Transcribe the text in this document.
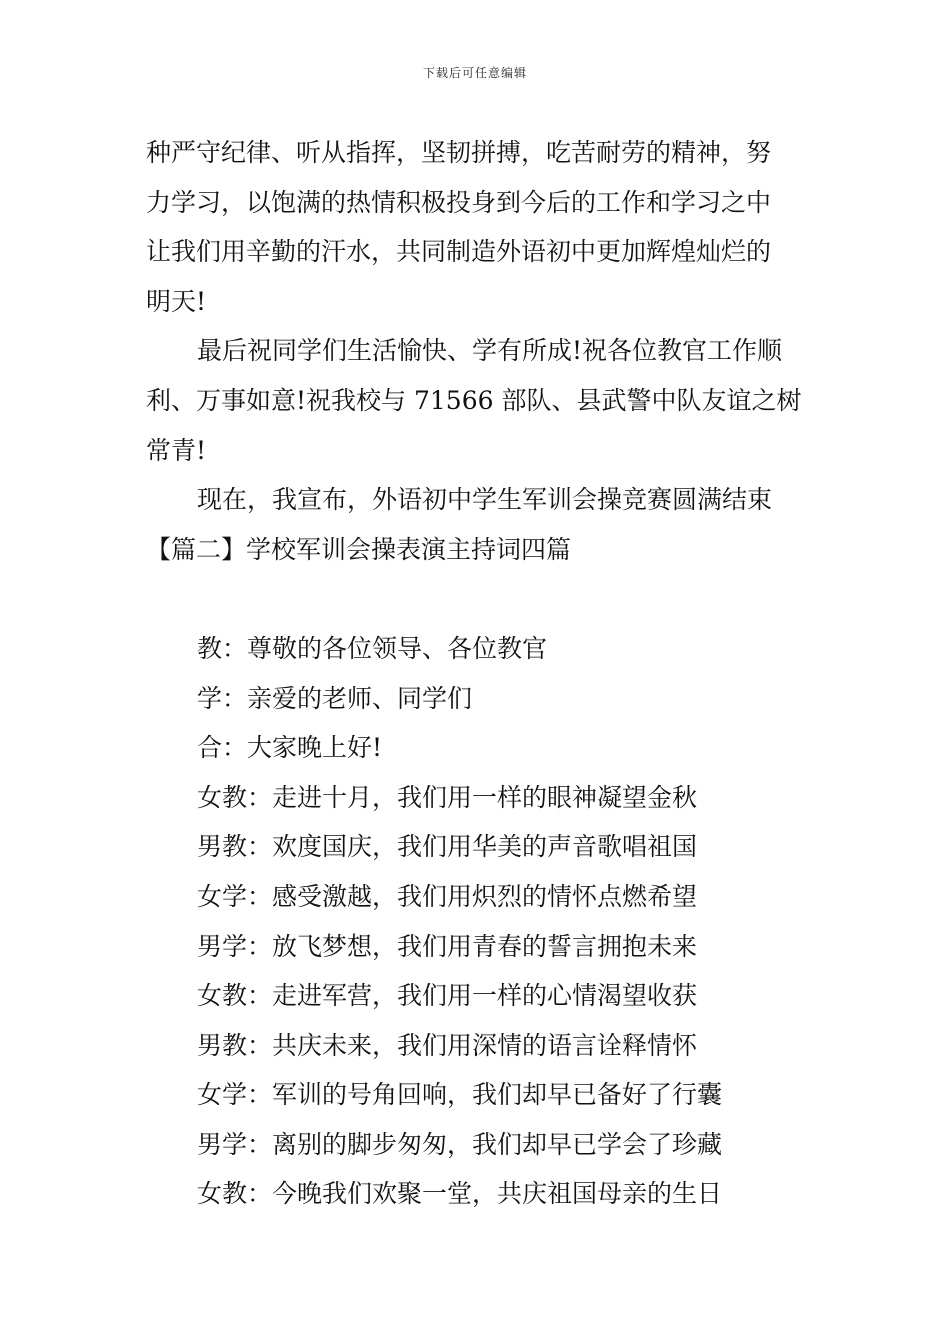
下载后可任意编辑
种严守纪律、听从指挥，坚韧拼搏，吃苦耐劳的精神，努
力学习，以饱满的热情积极投身到今后的工作和学习之中
让我们用辛勤的汗水，共同制造外语初中更加辉煌灿烂的
明天!
最后祝同学们生活愉快、学有所成!祝各位教官工作顺
利、万事如意!祝我校与 71566 部队、县武警中队友谊之树
常青!
现在，我宣布，外语初中学生军训会操竞赛圆满结束
【篇二】学校军训会操表演主持词四篇
教：尊敬的各位领导、各位教官
学：亲爱的老师、同学们
合：大家晚上好!
女教：走进十月，我们用一样的眼神凝望金秋
男教：欢度国庆，我们用华美的声音歌唱祖国
女学：感受激越，我们用炽烈的情怀点燃希望
男学：放飞梦想，我们用青春的誓言拥抱未来
女教：走进军营，我们用一样的心情渴望收获
男教：共庆未来，我们用深情的语言诠释情怀
女学：军训的号角回响，我们却早已备好了行囊
男学：离别的脚步匆匆，我们却早已学会了珍藏
女教：今晚我们欢聚一堂，共庆祖国母亲的生日
